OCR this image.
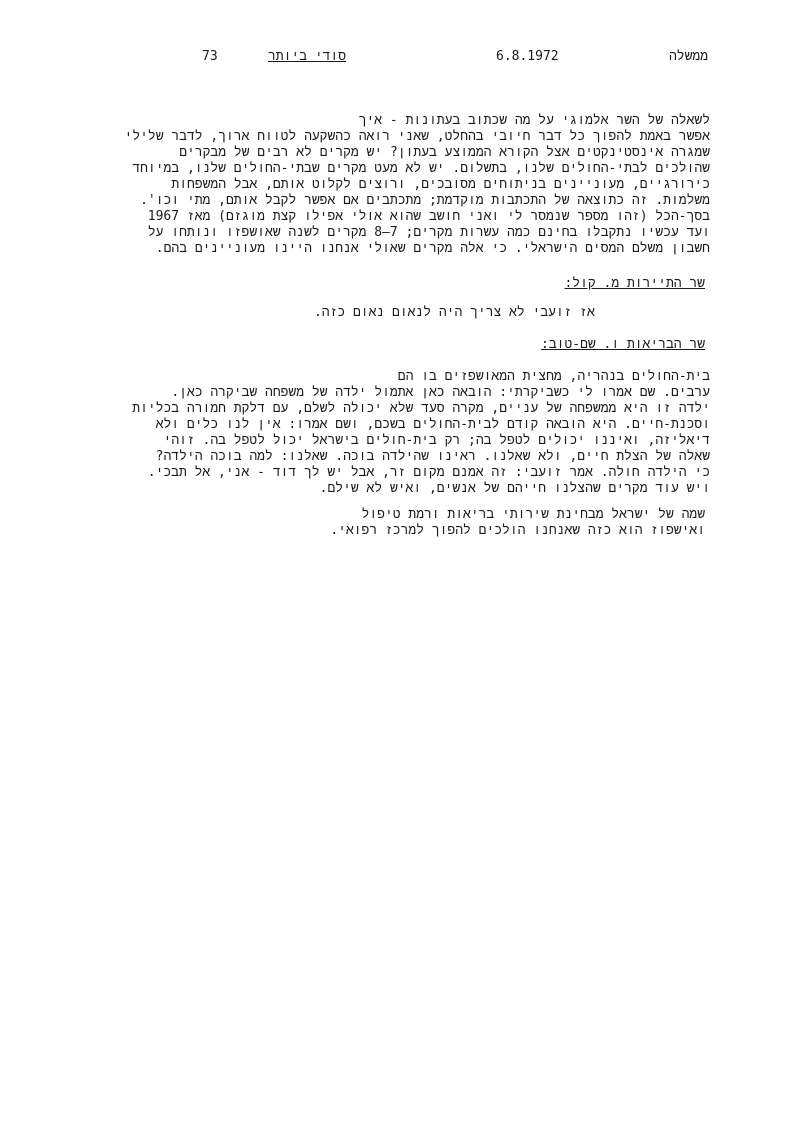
73	סודי ביותר	6.8.1972	ממשלה
לשאלה של השר אלמוגי על מה שכתוב בעתונות - איך
אפשר באמת להפוך כל דבר חיובי בהחלט, שאני רואה כהשקעה לטווח ארוך, לדבר שלילי
שמגרה אינסטינקטים אצל הקורא הממוצע בעתון? יש מקרים לא רבים של מבקרים
שהולכים לבתי-החולים שלנו, בתשלום. יש לא מעט מקרים שבתי-החולים שלנו, במיוחד
כירורגיים, מעוניינים בניתוחים מסובכים, ורוצים לקלוט אותם, אבל המשפחות
משלמות. זה כתוצאה של התכתבות מוקדמת; מתכתבים אם אפשר לקבל אותם, מתי וכו'.
בסך-הכל (זהו מספר שנמסר לי ואני חושב שהוא אולי אפילו קצת מוגזם) מאז 1967
ועד עכשיו נתקבלו בחינם כמה עשרות מקרים; 7–8 מקרים לשנה שאושפזו ונותחו על
חשבון משלם המסים הישראלי. כי אלה מקרים שאולי אנחנו היינו מעוניינים בהם.
שר התיירות מ. קול:
אז זועבי לא צריך היה לנאום נאום כזה.
שר הבריאות ו. שם-טוב:
בית-החולים בנהריה, מחצית המאושפזים בו הם
ערבים. שם אמרו לי כשביקרתי: הובאה כאן אתמול ילדה של משפחה שביקרה כאן.
ילדה זו היא ממשפחה של עניים, מקרה סעד שלא יכולה לשלם, עם דלקת חמורה בכליות
וסכנת-חיים. היא הובאה קודם לבית-החולים בשכם, ושם אמרו: אין לנו כלים ולא
דיאליזה, ואיננו יכולים לטפל בה; רק בית-חולים בישראל יכול לטפל בה. זוהי
שאלה של הצלת חיים, ולא שאלנו. ראינו שהילדה בוכה. שאלנו: למה בוכה הילדה?
כי הילדה חולה. אמר זועבי: זה אמנם מקום זר, אבל יש לך דוד - אני, אל תבכי.
ויש עוד מקרים שהצלנו חייהם של אנשים, ואיש לא שילם.
שמה של ישראל מבחינת שירותי בריאות ורמת טיפול
ואישפוז הוא כזה שאנחנו הולכים להפוך למרכז רפואי.
